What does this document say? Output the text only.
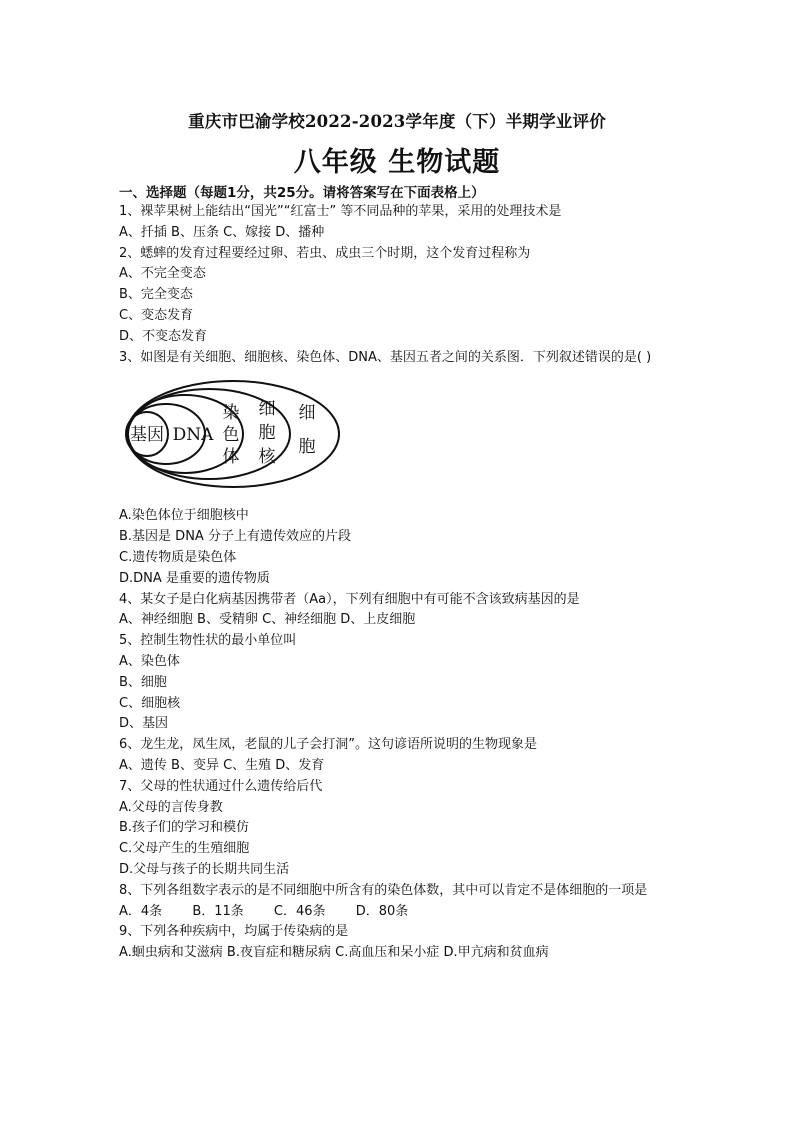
重庆市巴渝学校2022-2023学年度（下）半期学业评价
八年级 生物试题
一、选择题（每题1分，共25分。请将答案写在下面表格上）
1、裸苹果树上能结出“国光”“红富士” 等不同品种的苹果，采用的处理技术是
A、扦插 B、压条 C、嫁接 D、播种
2、蟋蟀的发育过程要经过卵、若虫、成虫三个时期，这个发育过程称为
A、不完全变态
B、完全变态
C、变态发育
D、不变态发育
3、如图是有关细胞、细胞核、染色体、DNA、基因五者之间的关系图．下列叙述错误的是( )
基因 DNA
染
色
体
细
胞
核
细
胞
A.染色体位于细胞核中
B.基因是 DNA 分子上有遗传效应的片段
C.遗传物质是染色体
D.DNA 是重要的遗传物质
4、某女子是白化病基因携带者（Aa），下列有细胞中有可能不含该致病基因的是
A、神经细胞 B、受精卵 C、神经细胞 D、上皮细胞
5、控制生物性状的最小单位叫
A、染色体
B、细胞
C、细胞核
D、基因
6、龙生龙，凤生凤，老鼠的儿子会打洞”。这句谚语所说明的生物现象是
A、遗传 B、变异 C、生殖 D、发育
7、父母的性状通过什么遗传给后代
A.父母的言传身教
B.孩子们的学习和模仿
C.父母产生的生殖细胞
D.父母与孩子的长期共同生活
8、下列各组数字表示的是不同细胞中所含有的染色体数，其中可以肯定不是体细胞的一项是
A．4条 B．11条 C．46条 D．80条
9、下列各种疾病中，均属于传染病的是
A.蛔虫病和艾滋病 B.夜盲症和糖尿病 C.高血压和呆小症 D.甲亢病和贫血病
